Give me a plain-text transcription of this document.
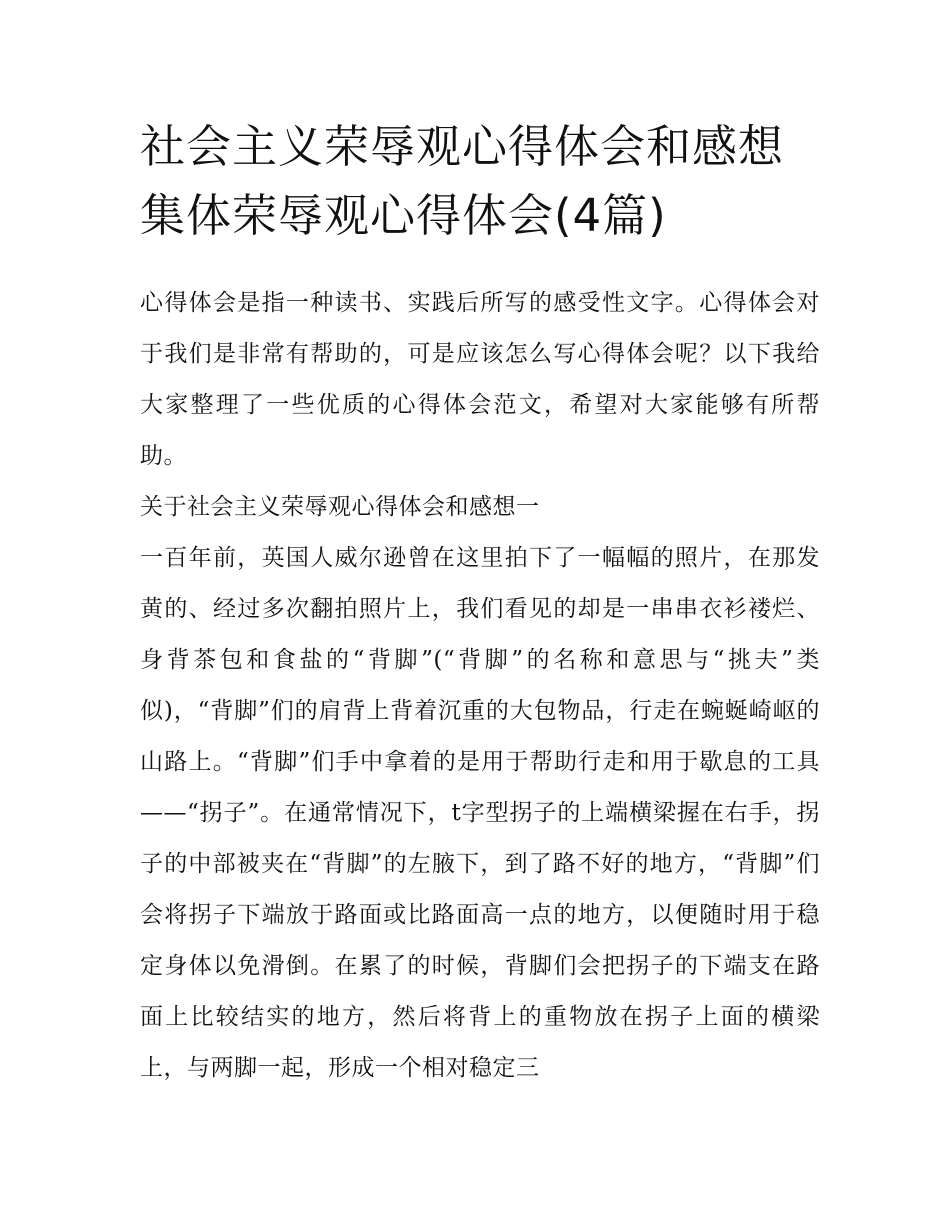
社会主义荣辱观心得体会和感想 集体荣辱观心得体会(4篇)

心得体会是指一种读书、实践后所写的感受性文字。心得体会对于我们是非常有帮助的，可是应该怎么写心得体会呢？以下我给大家整理了一些优质的心得体会范文，希望对大家能够有所帮助。

关于社会主义荣辱观心得体会和感想一

一百年前，英国人威尔逊曾在这里拍下了一幅幅的照片，在那发黄的、经过多次翻拍照片上，我们看见的却是一串串衣衫褛烂、身背茶包和食盐的“背脚”(“背脚”的名称和意思与“挑夫”类似)，“背脚”们的肩背上背着沉重的大包物品，行走在蜿蜒崎岖的山路上。“背脚”们手中拿着的是用于帮助行走和用于歇息的工具——“拐子”。在通常情况下，t字型拐子的上端横梁握在右手，拐子的中部被夹在“背脚”的左腋下，到了路不好的地方，“背脚”们会将拐子下端放于路面或比路面高一点的地方，以便随时用于稳定身体以免滑倒。在累了的时候，背脚们会把拐子的下端支在路面上比较结实的地方，然后将背上的重物放在拐子上面的横梁上，与两脚一起，形成一个相对稳定三
